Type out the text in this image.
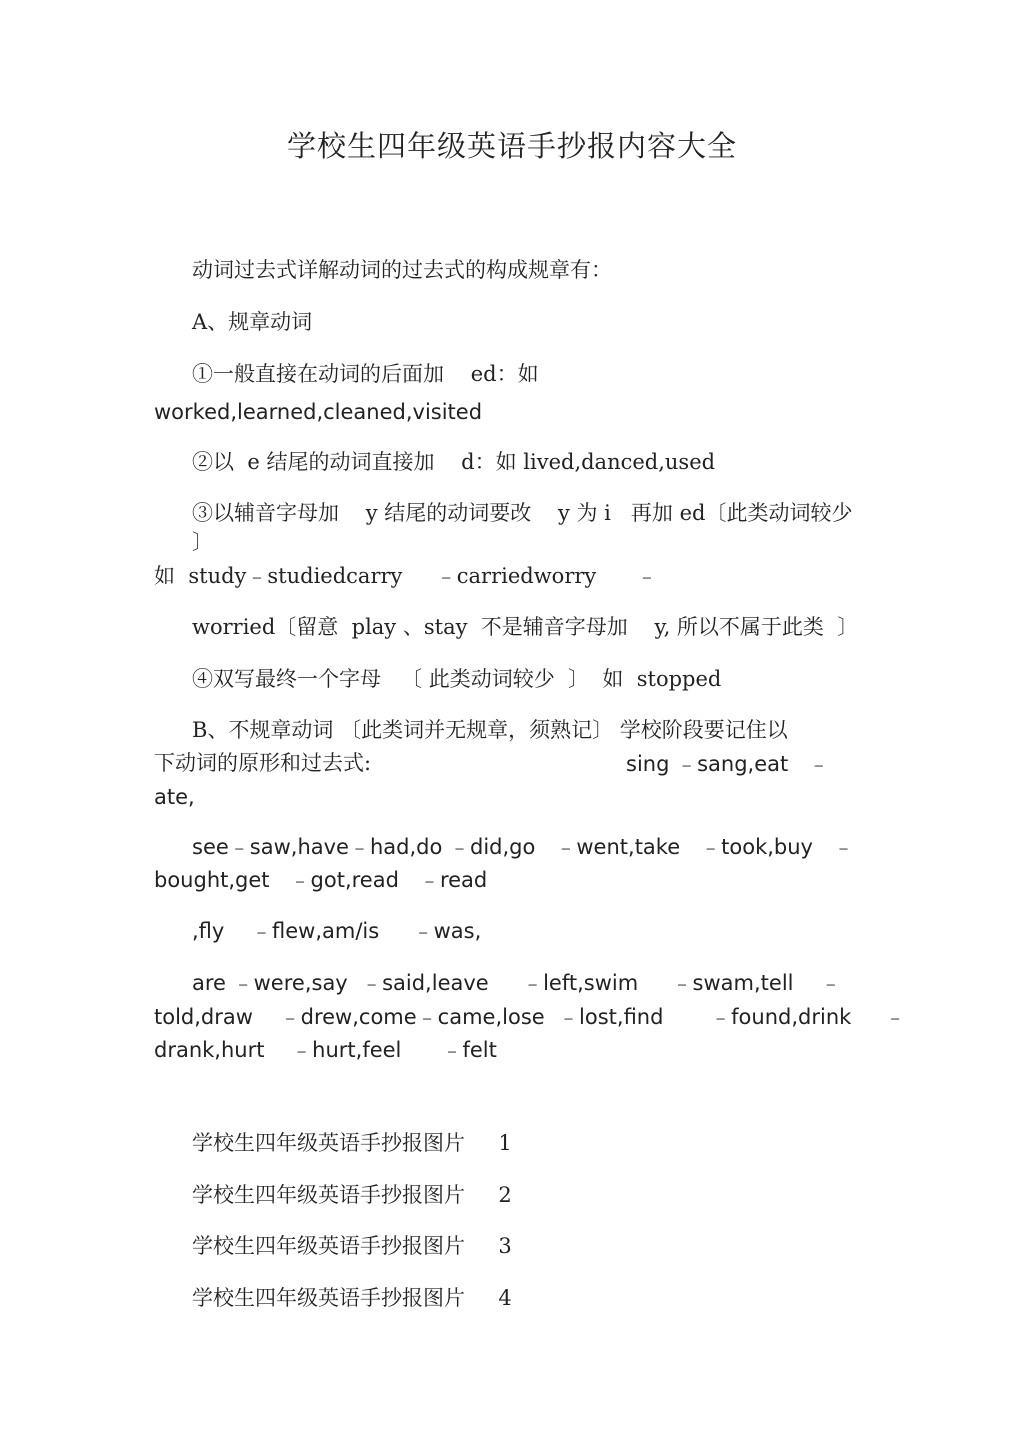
学校生四年级英语手抄报内容大全
动词过去式详解动词的过去式的构成规章有：
A、规章动词
①一般直接在动词的后面加    ed：如
worked,learned,cleaned,visited
②以  e 结尾的动词直接加    d：如 lived,danced,used
③以辅音字母加    y 结尾的动词要改    y 为 i   再加 ed〔此类动词较少
〕
如  study﹣studiedcarry     ﹣carriedworry      ﹣
worried〔留意  play 、stay  不是辅音字母加    y, 所以不属于此类  〕
④双写最终一个字母   〔 此类动词较少  〕  如  stopped
B、不规章动词 〔此类词并无规章，须熟记〕 学校阶段要记住以
下动词的原形和过去式:	sing ﹣sang,eat   ﹣
ate,
see﹣saw,have﹣had,do ﹣did,go   ﹣went,take   ﹣took,buy   ﹣
bought,get   ﹣got,read   ﹣read
,fly    ﹣flew,am/is     ﹣was,
are ﹣were,say  ﹣said,leave     ﹣left,swim     ﹣swam,tell    ﹣
told,draw    ﹣drew,come﹣came,lose  ﹣lost,find       ﹣found,drink     ﹣
drank,hurt    ﹣hurt,feel      ﹣felt
学校生四年级英语手抄报图片     1
学校生四年级英语手抄报图片     2
学校生四年级英语手抄报图片     3
学校生四年级英语手抄报图片     4
